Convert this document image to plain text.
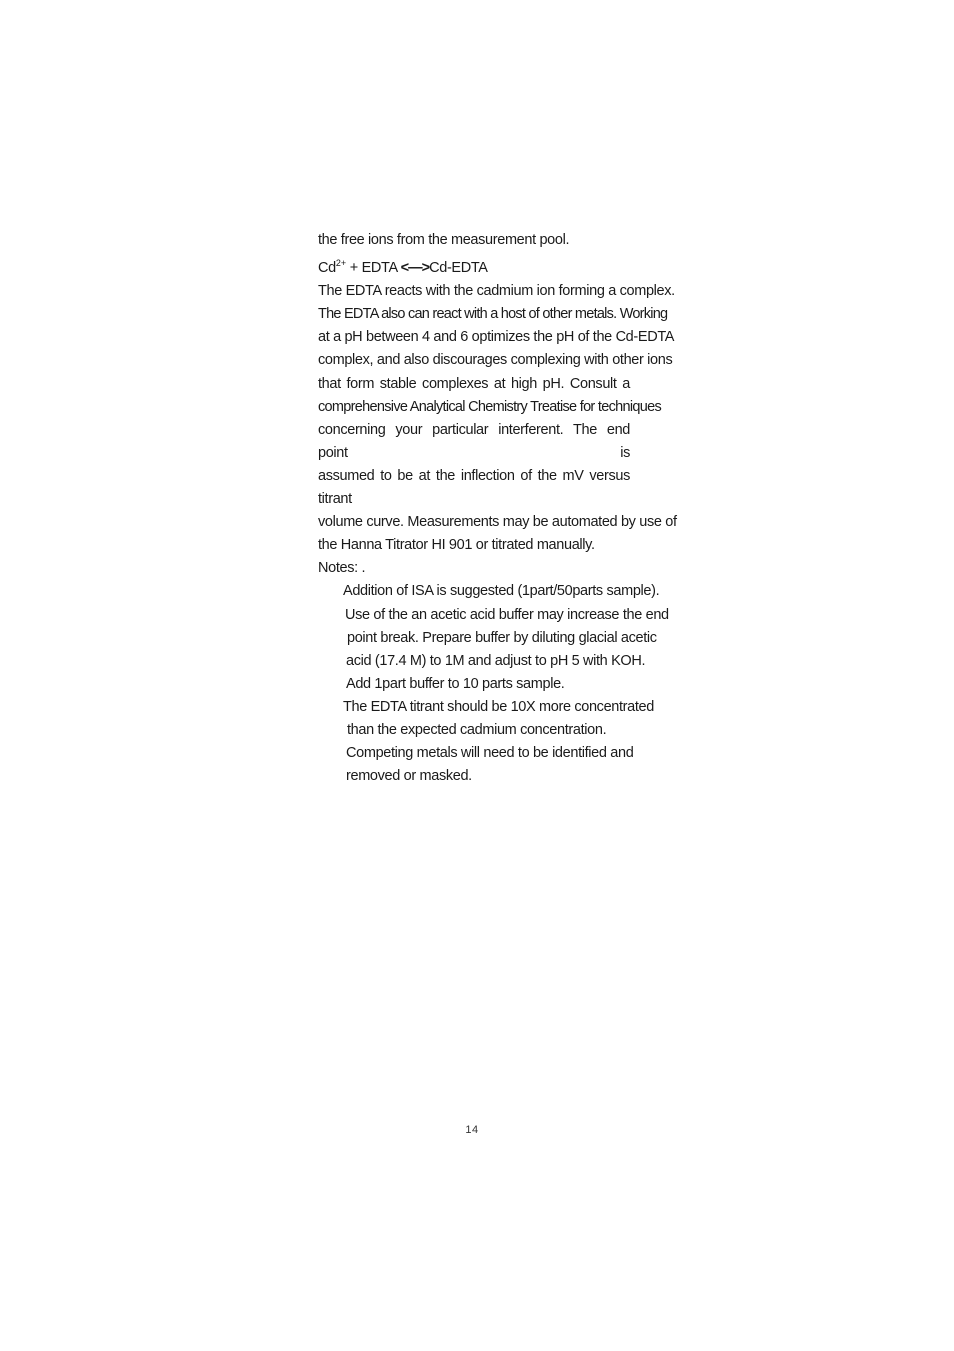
the free ions from the measurement pool.
$Cd^{2+}$ + EDTA <—>Cd-EDTA
The EDTA reacts with the cadmium ion forming a complex.
The EDTA also can react with a host of other metals. Working
at a pH between 4 and 6 optimizes the pH of the Cd-EDTA
complex, and also discourages complexing with other ions
that form stable complexes at high pH. Consult a
comprehensive Analytical Chemistry Treatise for techniques
concerning your particular interferent. The end point is
assumed to be at the inflection of the mV versus titrant
volume curve. Measurements may be automated by use of
the Hanna Titrator HI 901 or titrated manually.
Notes: .
Addition of ISA is suggested (1part/50parts sample).
Use of the an acetic acid buffer may increase the end
point break. Prepare buffer by diluting glacial acetic
acid (17.4 M) to 1M and adjust to pH 5 with KOH.
Add 1part buffer to 10 parts sample.
The EDTA titrant should be 10X more concentrated
than the expected cadmium concentration.
Competing metals will need to be identified and
removed or masked.
14
